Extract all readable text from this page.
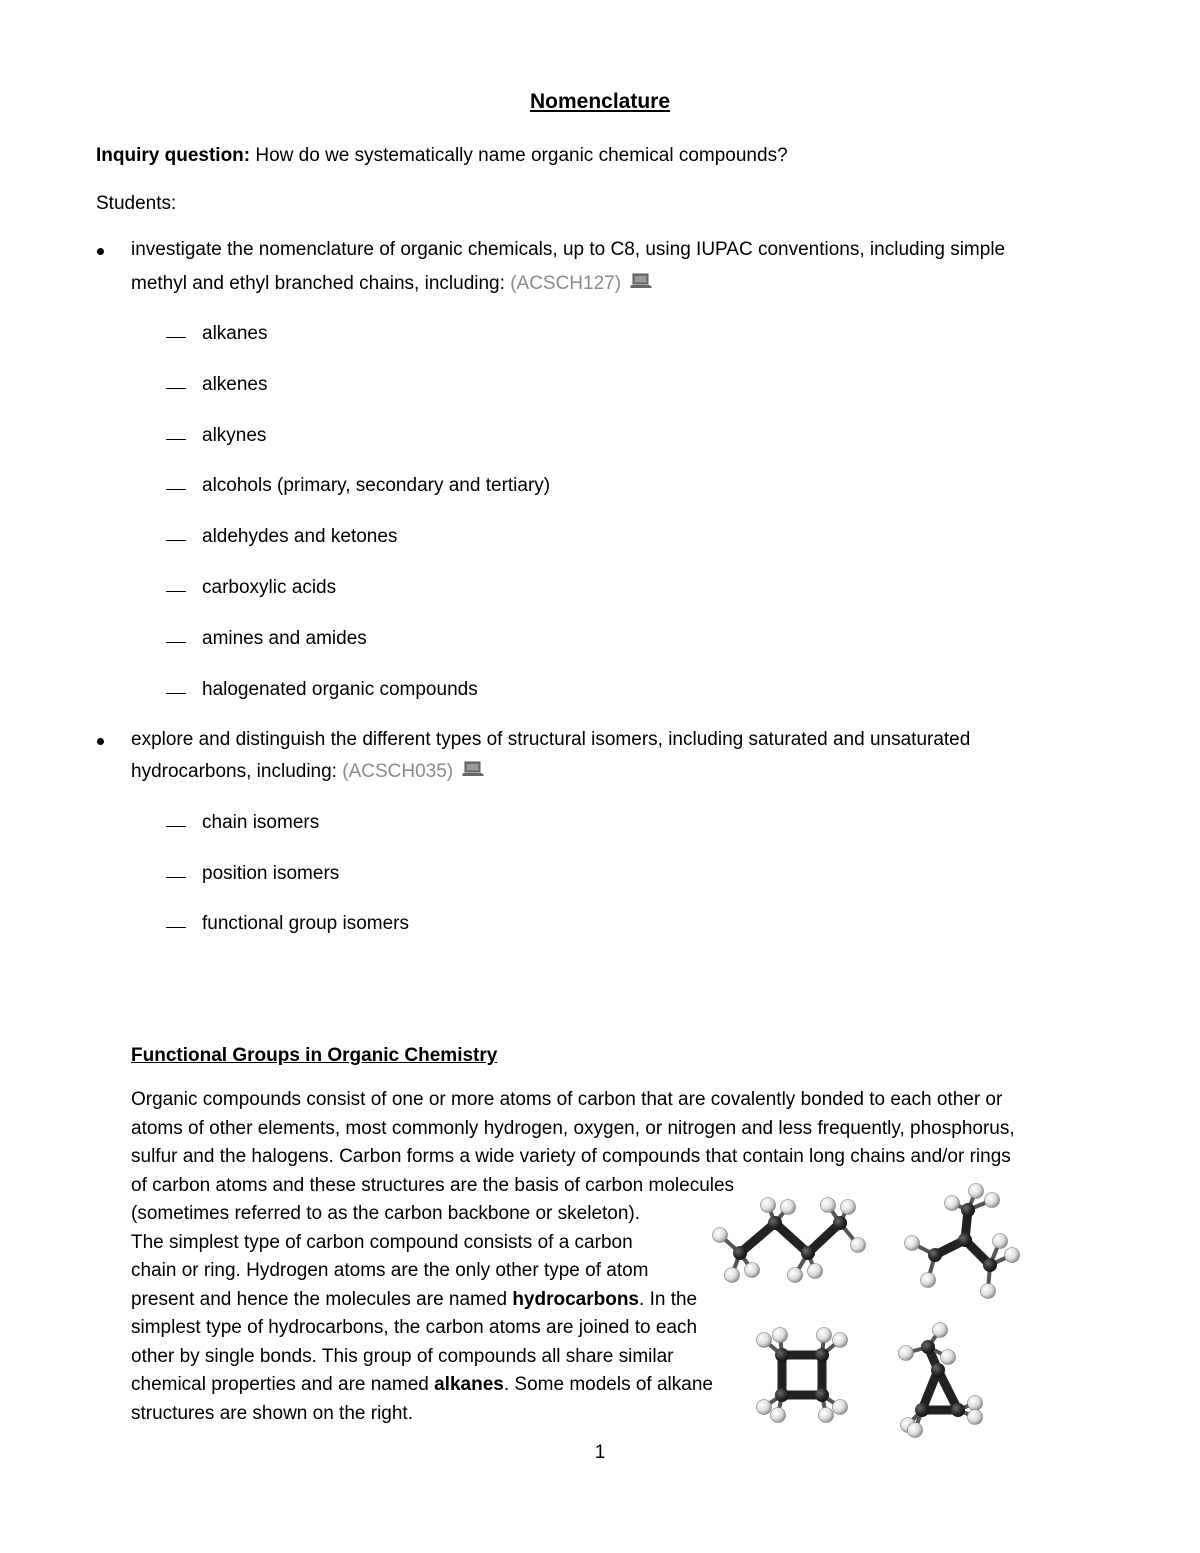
Nomenclature
Inquiry question: How do we systematically name organic chemical compounds?
Students:
investigate the nomenclature of organic chemicals, up to C8, using IUPAC conventions, including simple
methyl and ethyl branched chains, including: (ACSCH127)
alkanes
alkenes
alkynes
alcohols (primary, secondary and tertiary)
aldehydes and ketones
carboxylic acids
amines and amides
halogenated organic compounds
explore and distinguish the different types of structural isomers, including saturated and unsaturated
hydrocarbons, including: (ACSCH035)
chain isomers
position isomers
functional group isomers
Functional Groups in Organic Chemistry
Organic compounds consist of one or more atoms of carbon that are covalently bonded to each other or
atoms of other elements, most commonly hydrogen, oxygen, or nitrogen and less frequently, phosphorus,
sulfur and the halogens. Carbon forms a wide variety of compounds that contain long chains and/or rings
of carbon atoms and these structures are the basis of carbon molecules
(sometimes referred to as the carbon backbone or skeleton).
The simplest type of carbon compound consists of a carbon
chain or ring. Hydrogen atoms are the only other type of atom
present and hence the molecules are named hydrocarbons. In the
simplest type of hydrocarbons, the carbon atoms are joined to each
other by single bonds. This group of compounds all share similar
chemical properties and are named alkanes. Some models of alkane
structures are shown on the right.
1
